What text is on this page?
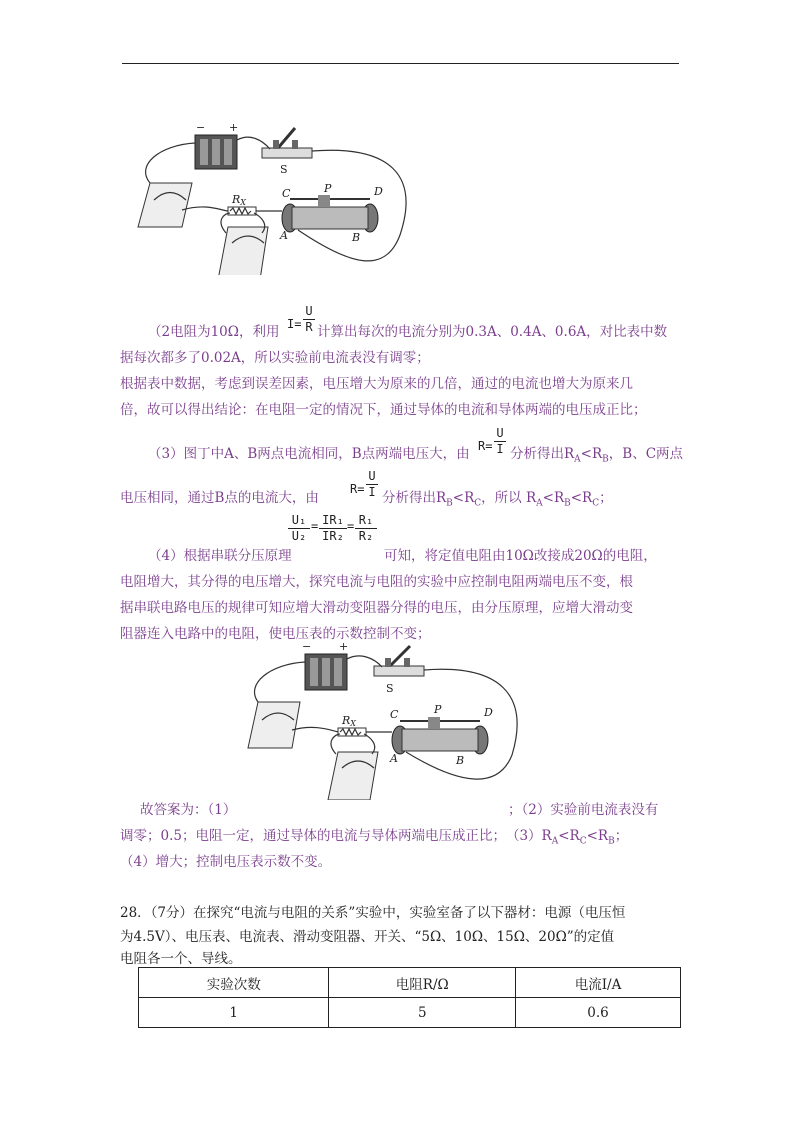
− +
S
RX
C	P	D
A	B
（2电阻为10Ω，利用 I=
U
R 计算出每次的电流分别为0.3A、0.4A、0.6A，对比表中数
据每次都多了0.02A，所以实验前电流表没有调零；
根据表中数据，考虑到误差因素，电压增大为原来的几倍，通过的电流也增大为原来几
倍，故可以得出结论：在电阻一定的情况下，通过导体的电流和导体两端的电压成正比；
（3）图丁中A、B两点电流相同，B点两端电压大，由 R=
U
I 分析得出$R_A<R_B$，B、C两点
电压相同，通过B点的电流大，由
R=
U
I 分析得出$R_B<R_C$，所以 $R_A<R_B<R_C$；
（4）根据串联分压原理
U₁
U₂
= IR₁
IR₂
= R₁
R₂
可知，将定值电阻由10Ω改接成20Ω的电阻，
电阻增大，其分得的电压增大，探究电流与电阻的实验中应控制电阻两端电压不变，根
据串联电路电压的规律可知应增大滑动变阻器分得的电压，由分压原理，应增大滑动变
阻器连入电路中的电阻，使电压表的示数控制不变；
−	+
S
RX
C	P	D
A	B
故答案为：（1）	；（2）实验前电流表没有
调零；0.5；电阻一定，通过导体的电流与导体两端电压成正比；　$(3)R_A<R_C<R_B$；
（4）增大；控制电压表示数不变。
28．（7分）在探究“电流与电阻的关系”实验中，实验室备了以下器材：电源（电压恒
为4.5V）、电压表、电流表、滑动变阻器、开关、“5Ω、10Ω、15Ω、20Ω”的定值
电阻各一个、导线。
实验次数	电阻R/Ω	电流I/A
1	5	0.6
